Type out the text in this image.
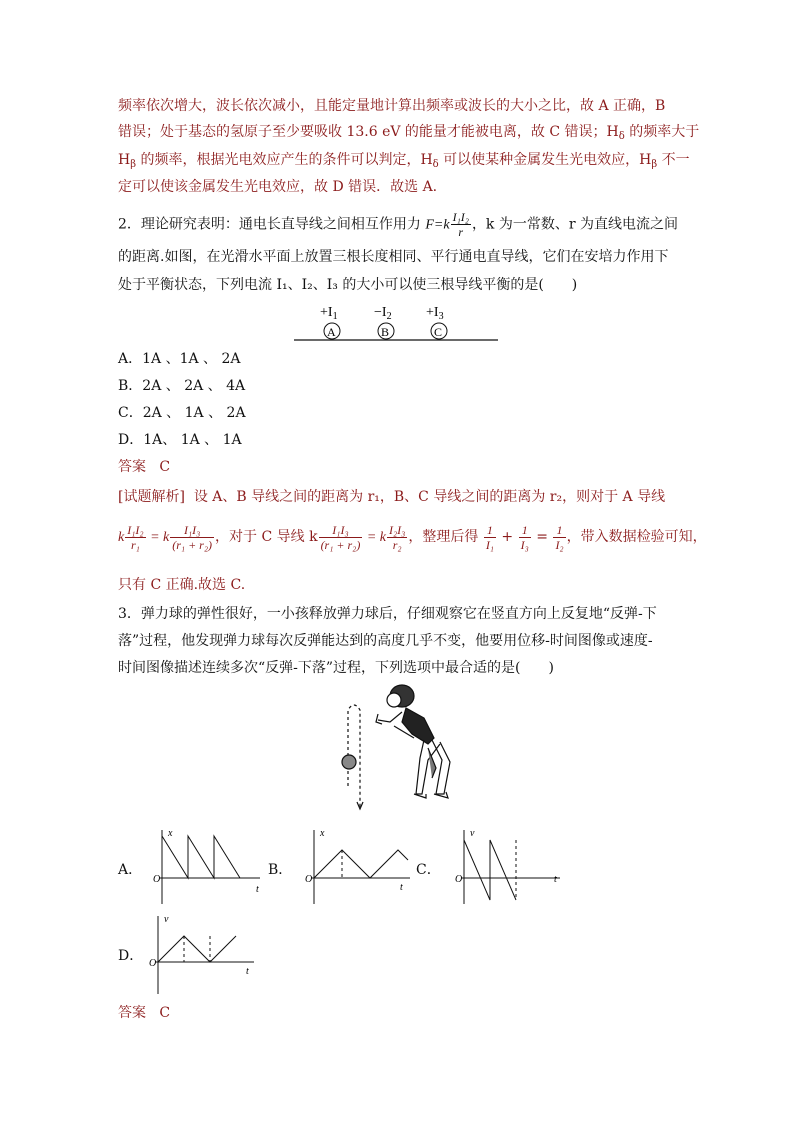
频率依次增大，波长依次减小，且能定量地计算出频率或波长的大小之比，故 A 正确，B
错误；处于基态的氢原子至少要吸收 13.6 eV 的能量才能被电离，故 C 错误；$H_\delta$ 的频率大于
$H_\beta$ 的频率，根据光电效应产生的条件可以判定，$H_\delta$ 可以使某种金属发生光电效应，$H_\beta$ 不一
定可以使该金属发生光电效应，故 D 错误．故选 A.
2．理论研究表明：通电长直导线之间相互作用力 $F=k \frac{\text{I₁I₂}}{r}$ ，k 为一常数、r 为直线电流之间
的距离.如图，在光滑水平面上放置三根长度相同、平行通电直导线，它们在安培力作用下
处于平衡状态，下列电流 I₁、I₂、I₃ 的大小可以使三根导线平衡的是(　　)
$+I_1$
A
$-I_2$
B
$+I_3$
C
A．1A 、1A 、 2A
B．2A 、 2A 、 4A
C．2A 、 1A 、 2A
D．1A、 1A 、 1A
答案 C
[试题解析] 设 A、B 导线之间的距离为 r₁，B、C 导线之间的距离为 r₂，则对于 A 导线
k $\frac{\text{I₁I₂}}{\text{r₁}} = k \frac{\text{I₁I₃}}{\text{(r₁ + r₂)}}$ ，对于 C 导线 k $\frac{\text{I₁I₃}}{\text{(r₁ + r₂)}} = k \frac{\text{I₂I₃}}{\text{r₂}}$ ，整理后得 $\frac{1}{\text{I₁}} + \frac{1}{\text{I₃}} = \frac{1}{\text{I₂}}$ ，带入数据检验可知，
只有 C 正确.故选 C.
3．弹力球的弹性很好，一小孩释放弹力球后，仔细观察它在竖直方向上反复地“反弹-下
落”过程，他发现弹力球每次反弹能达到的高度几乎不变，他要用位移-时间图像或速度-
时间图像描述连续多次“反弹-下落”过程，下列选项中最合适的是(　　)
A．
x
O
t
B．
x
O
t
C．
v
O	t
D．
v
O
t
答案 C
